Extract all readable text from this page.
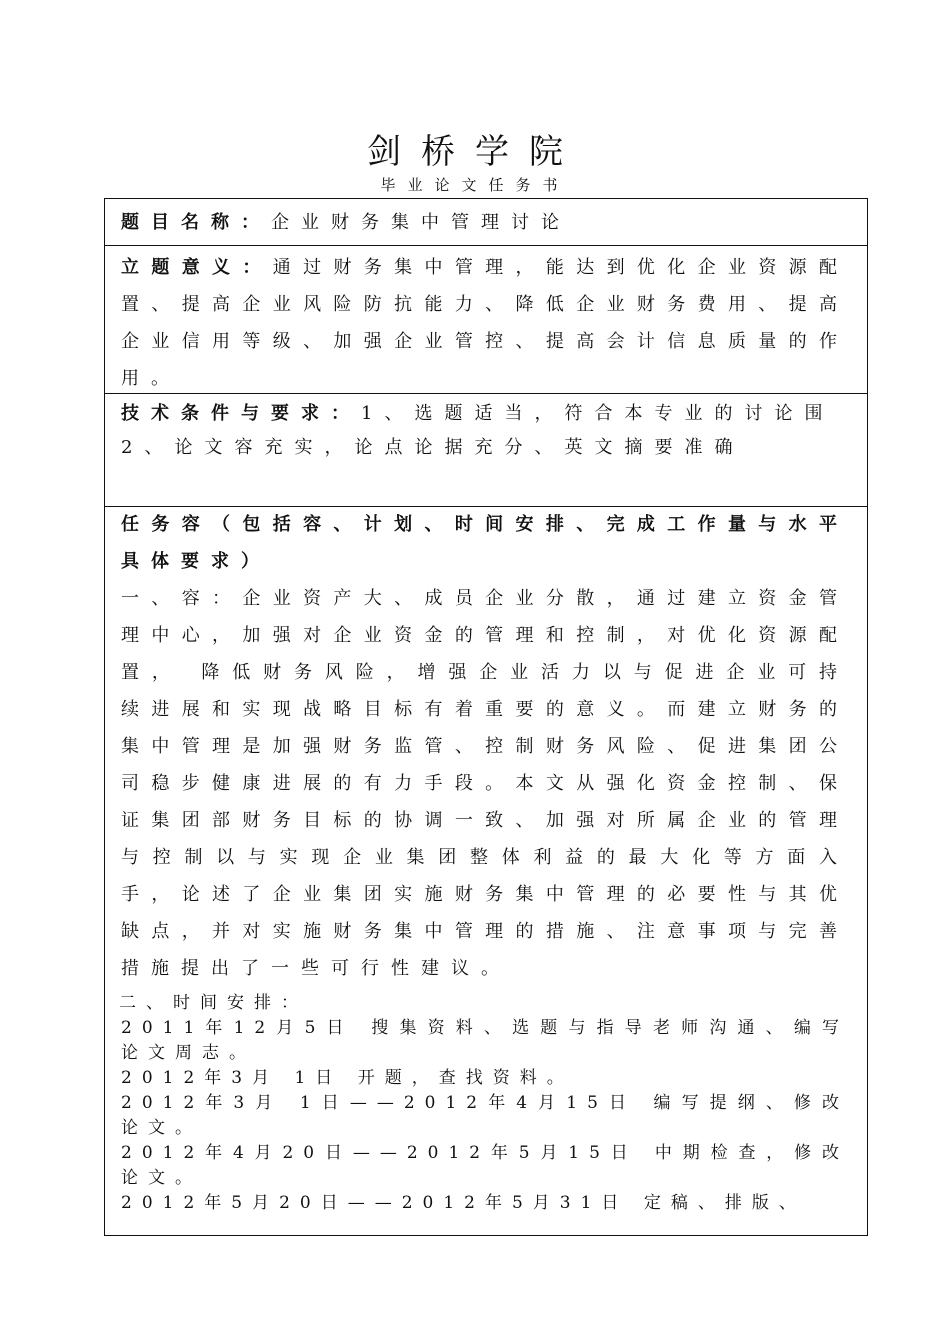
剑桥学院
毕业论文任务书
题目名称：企业财务集中管理讨论
立题意义：通过财务集中管理，能达到优化企业资源配置、提高企业风险防抗能力、降低企业财务费用、提高企业信用等级、加强企业管控、提高会计信息质量的作用。
技术条件与要求：1、选题适当，符合本专业的讨论围
2、论文容充实，论点论据充分、英文摘要准确
任务容（包括容、计划、时间安排、完成工作量与水平具体要求）
一、容：企业资产大、成员企业分散，通过建立资金管理中心，加强对企业资金的管理和控制，对优化资源配置， 降低财务风险，增强企业活力以与促进企业可持续进展和实现战略目标有着重要的意义。而建立财务的集中管理是加强财务监管、控制财务风险、促进集团公司稳步健康进展的有力手段。本文从强化资金控制、保证集团部财务目标的协调一致、加强对所属企业的管理与控制以与实现企业集团整体利益的最大化等方面入手，论述了企业集团实施财务集中管理的必要性与其优缺点，并对实施财务集中管理的措施、注意事项与完善措施提出了一些可行性建议。
二、时间安排：
2011年12月5日 搜集资料、选题与指导老师沟通、编写论文周志。
2012年3月 1日 开题，查找资料。
2012年3月 1日——2012年4月15日 编写提纲、修改论文。
2012年4月20日——2012年5月15日 中期检查，修改论文。
2012年5月20日——2012年5月31日 定稿、排版、
